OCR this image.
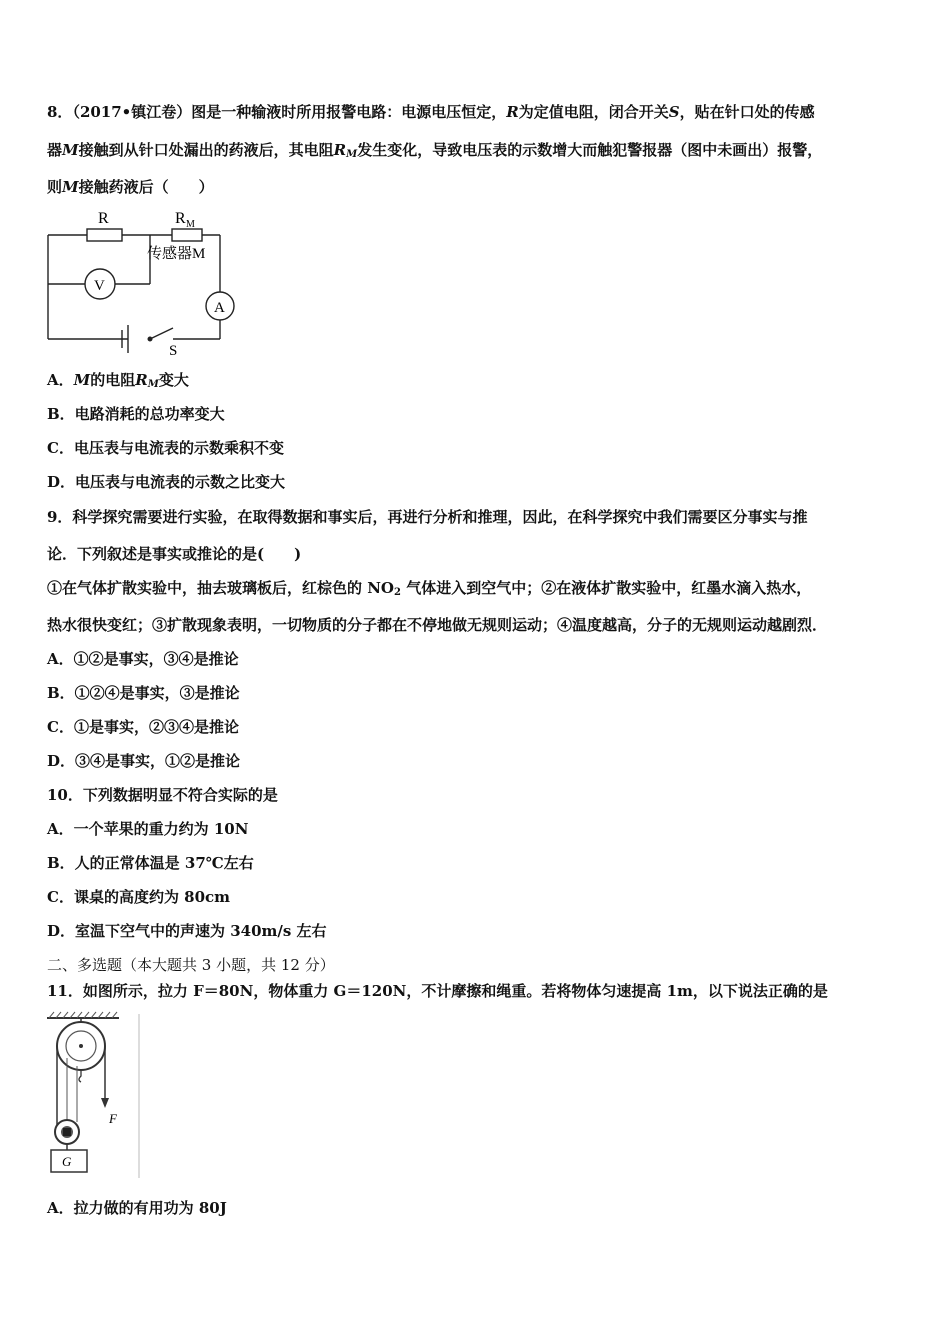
8．（2017•镇江卷）图是一种输液时所用报警电路：电源电压恒定，R为定值电阻，闭合开关S，贴在针口处的传感
器M接触到从针口处漏出的药液后，其电阻$R_M$发生变化，导致电压表的示数增大而触犯警报器（图中未画出）报警，
则M接触药液后（　　）
R	R M
传感器M
V
A
S
A．M的电阻$R_M$变大
B．电路消耗的总功率变大
C．电压表与电流表的示数乘积不变
D．电压表与电流表的示数之比变大
9．科学探究需要进行实验，在取得数据和事实后，再进行分析和推理，因此，在科学探究中我们需要区分事实与推
论．下列叙述是事实或推论的是(　　)
①在气体扩散实验中，抽去玻璃板后，红棕色的 $NO_2$ 气体进入到空气中；②在液体扩散实验中，红墨水滴入热水，
热水很快变红；③扩散现象表明，一切物质的分子都在不停地做无规则运动；④温度越高，分子的无规则运动越剧烈．
A．①②是事实，③④是推论
B．①②④是事实，③是推论
C．①是事实，②③④是推论
D．③④是事实，①②是推论
10．下列数据明显不符合实际的是
A．一个苹果的重力约为 10N
B．人的正常体温是 37℃左右
C．课桌的高度约为 80cm
D．室温下空气中的声速为 340m/s 左右
二、多选题（本大题共 3 小题，共 12 分）
11．如图所示，拉力 F＝80N，物体重力 G＝120N，不计摩擦和绳重。若将物体匀速提高 1m，以下说法正确的是
F
G
A．拉力做的有用功为 80J
